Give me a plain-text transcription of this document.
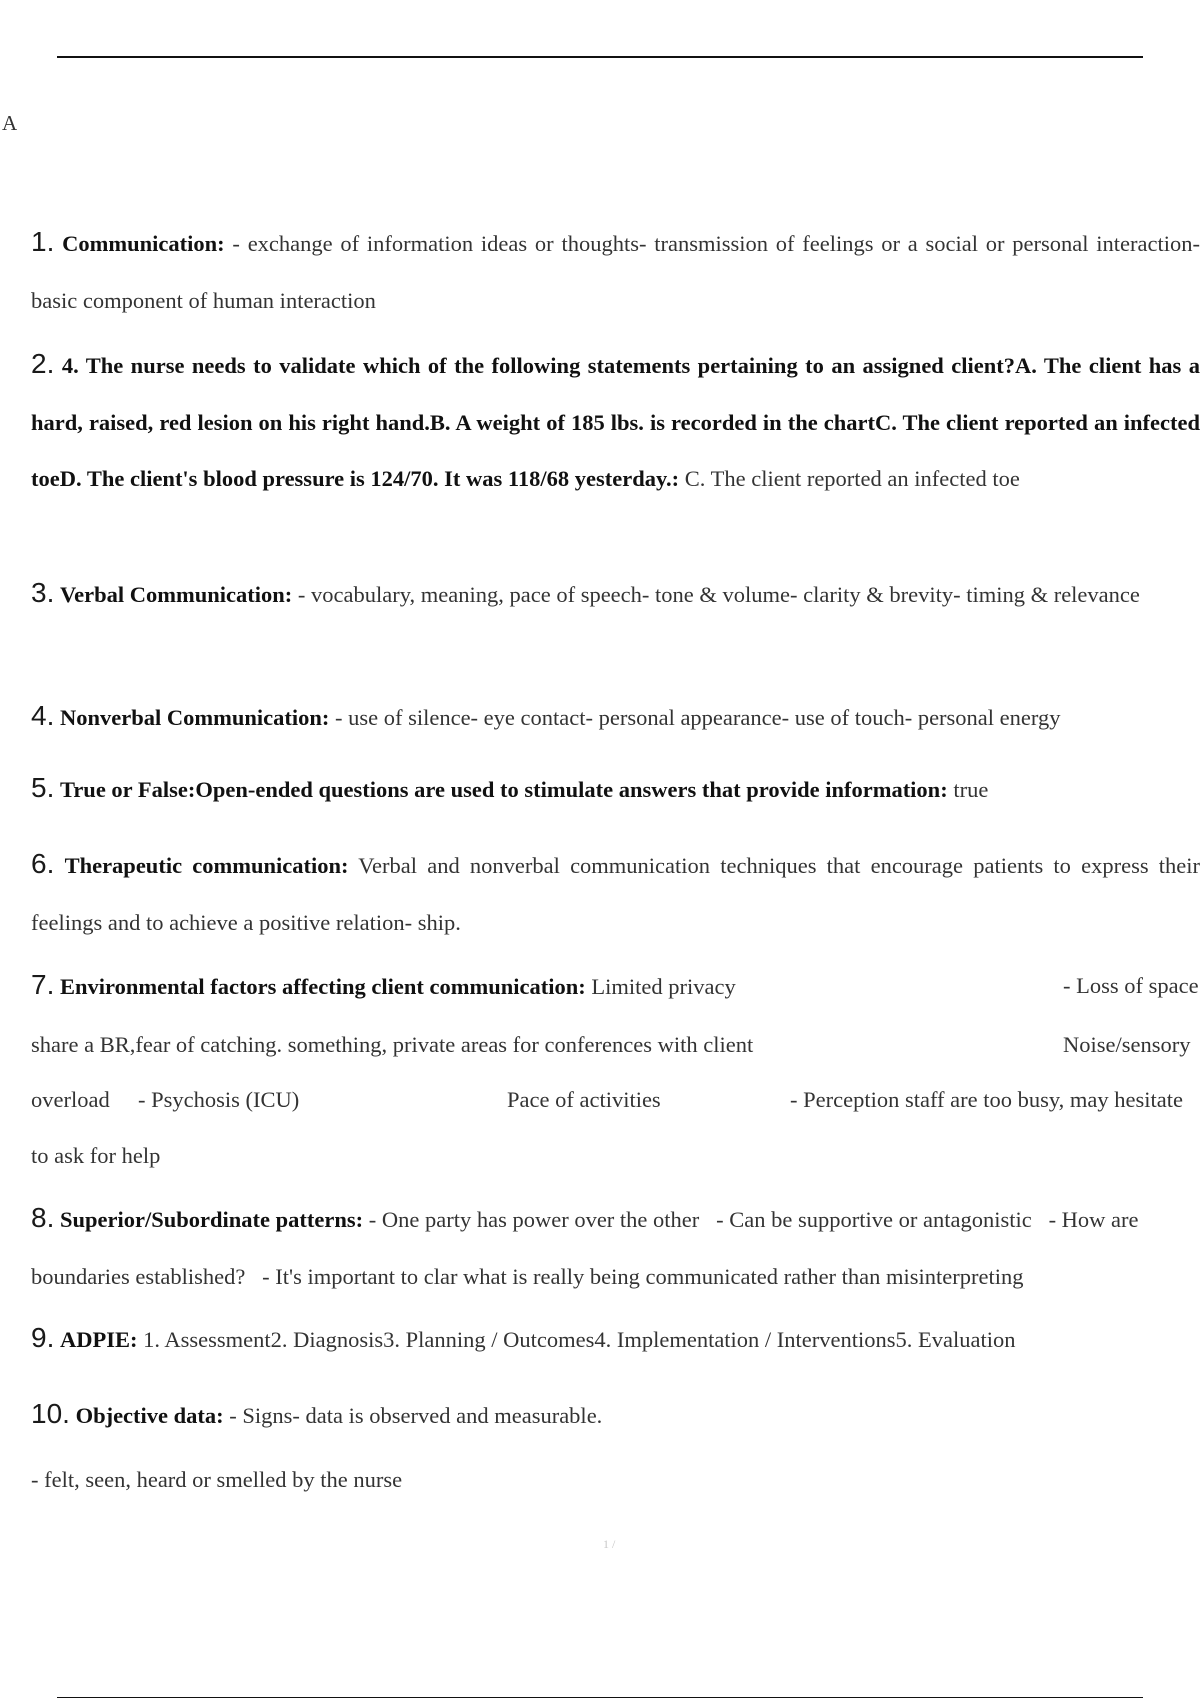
A
1. Communication: - exchange of information ideas or thoughts- transmission of feelings or a social or personal interaction- basic component of human interaction
2. 4. The nurse needs to validate which of the following statements pertaining to an assigned client?A. The client has a hard, raised, red lesion on his right hand.B. A weight of 185 lbs. is recorded in the chartC. The client reported an infected toeD. The client's blood pressure is 124/70. It was 118/68 yesterday.: C. The client reported an infected toe
3. Verbal Communication: - vocabulary, meaning, pace of speech- tone & volume- clarity & brevity- timing & relevance
4. Nonverbal Communication: - use of silence- eye contact- personal appearance- use of touch- personal energy
5. True or False:Open-ended questions are used to stimulate answers that provide information: true
6. Therapeutic communication: Verbal and nonverbal communication techniques that encourage patients to express their feelings and to achieve a positive relation- ship.
7. Environmental factors affecting client communication: Limited privacy	- Loss of space
share a BR,fear of catching. something, private areas for conferences with client	Noise/sensory
overload - Psychosis (ICU)	Pace of activities	- Perception staff are too busy, may hesitate
to ask for help
8. Superior/Subordinate patterns: - One party has power over the other   - Can be supportive or antagonistic   - How are boundaries established?   - It's important to clar what is really being communicated rather than misinterpreting
9. ADPIE: 1. Assessment2. Diagnosis3. Planning / Outcomes4. Implementation / Interventions5. Evaluation
10. Objective data: - Signs- data is observed and measurable.
- felt, seen, heard or smelled by the nurse
1 /
